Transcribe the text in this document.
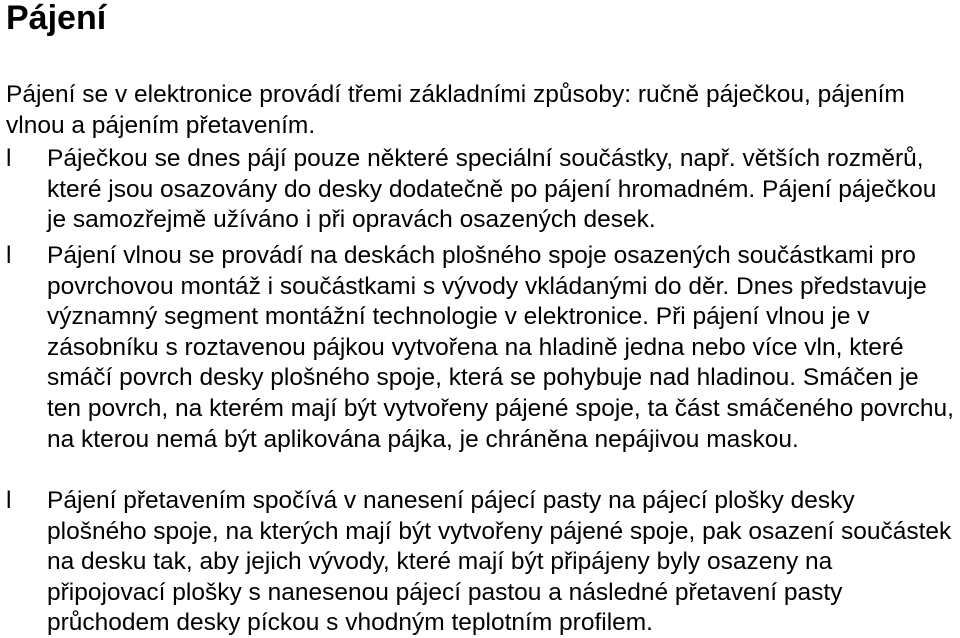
Pájení

Pájení se v elektronice provádí třemi základními způsoby: ručně páječkou, pájením vlnou a pájením přetavením.

l	Páječkou se dnes pájí pouze některé speciální součástky, např. větších rozměrů, které jsou osazovány do desky dodatečně po pájení hromadném. Pájení páječkou je samozřejmě užíváno i při opravách osazených desek.

l	Pájení vlnou se provádí na deskách plošného spoje osazených součástkami pro povrchovou montáž i součástkami s vývody vkládanými do děr. Dnes představuje významný segment montážní technologie v elektronice. Při pájení vlnou je v zásobníku s roztavenou pájkou vytvořena na hladině jedna nebo více vln, které smáčí povrch desky plošného spoje, která se pohybuje nad hladinou. Smáčen je ten povrch, na kterém mají být vytvořeny pájené spoje, ta část smáčeného povrchu, na kterou nemá být aplikována pájka, je chráněna nepájivou maskou.

l	Pájení přetavením spočívá v nanesení pájecí pasty na pájecí plošky desky plošného spoje, na kterých mají být vytvořeny pájené spoje, pak osazení součástek na desku tak, aby jejich vývody, které mají být připájeny byly osazeny na připojovací plošky s nanesenou pájecí pastou a následné přetavení pasty průchodem desky píckou s vhodným teplotním profilem.
